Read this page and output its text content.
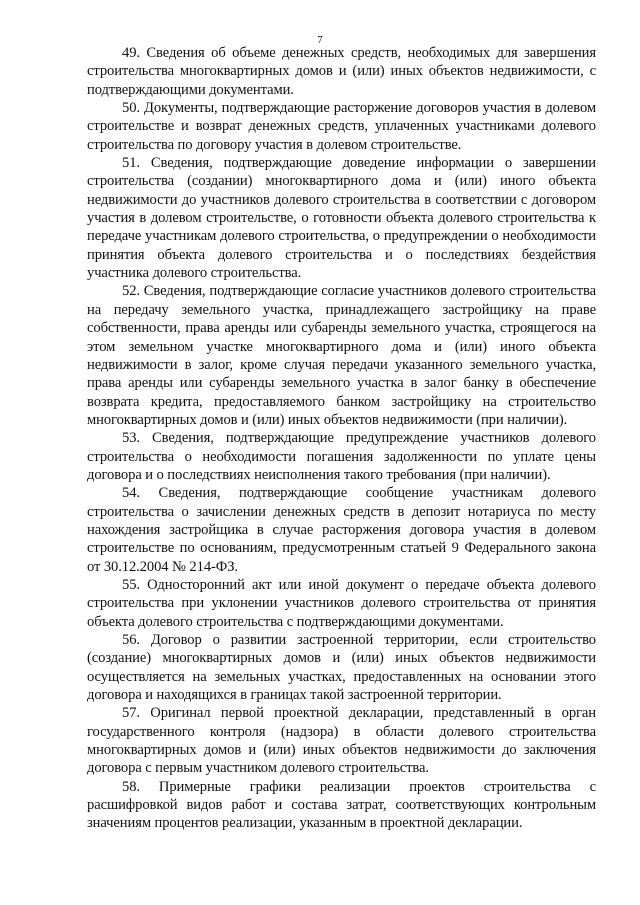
7

49. Сведения об объеме денежных средств, необходимых для завершения строительства многоквартирных домов и (или) иных объектов недвижимости, с подтверждающими документами.

50. Документы, подтверждающие расторжение договоров участия в долевом строительстве и возврат денежных средств, уплаченных участниками долевого строительства по договору участия в долевом строительстве.

51. Сведения, подтверждающие доведение информации о завершении строительства (создании) многоквартирного дома и (или) иного объекта недвижимости до участников долевого строительства в соответствии с договором участия в долевом строительстве, о готовности объекта долевого строительства к передаче участникам долевого строительства, о предупреждении о необходимости принятия объекта долевого строительства и о последствиях бездействия участника долевого строительства.

52. Сведения, подтверждающие согласие участников долевого строительства на передачу земельного участка, принадлежащего застройщику на праве собственности, права аренды или субаренды земельного участка, строящегося на этом земельном участке многоквартирного дома и (или) иного объекта недвижимости в залог, кроме случая передачи указанного земельного участка, права аренды или субаренды земельного участка в залог банку в обеспечение возврата кредита, предоставляемого банком застройщику на строительство многоквартирных домов и (или) иных объектов недвижимости (при наличии).

53. Сведения, подтверждающие предупреждение участников долевого строительства о необходимости погашения задолженности по уплате цены договора и о последствиях неисполнения такого требования (при наличии).

54. Сведения, подтверждающие сообщение участникам долевого строительства о зачислении денежных средств в депозит нотариуса по месту нахождения застройщика в случае расторжения договора участия в долевом строительстве по основаниям, предусмотренным статьей 9 Федерального закона от 30.12.2004 № 214-ФЗ.

55. Односторонний акт или иной документ о передаче объекта долевого строительства при уклонении участников долевого строительства от принятия объекта долевого строительства с подтверждающими документами.

56. Договор о развитии застроенной территории, если строительство (создание) многоквартирных домов и (или) иных объектов недвижимости осуществляется на земельных участках, предоставленных на основании этого договора и находящихся в границах такой застроенной территории.

57. Оригинал первой проектной декларации, представленный в орган государственного контроля (надзора) в области долевого строительства многоквартирных домов и (или) иных объектов недвижимости до заключения договора с первым участником долевого строительства.

58. Примерные графики реализации проектов строительства с расшифровкой видов работ и состава затрат, соответствующих контрольным значениям процентов реализации, указанным в проектной декларации.
